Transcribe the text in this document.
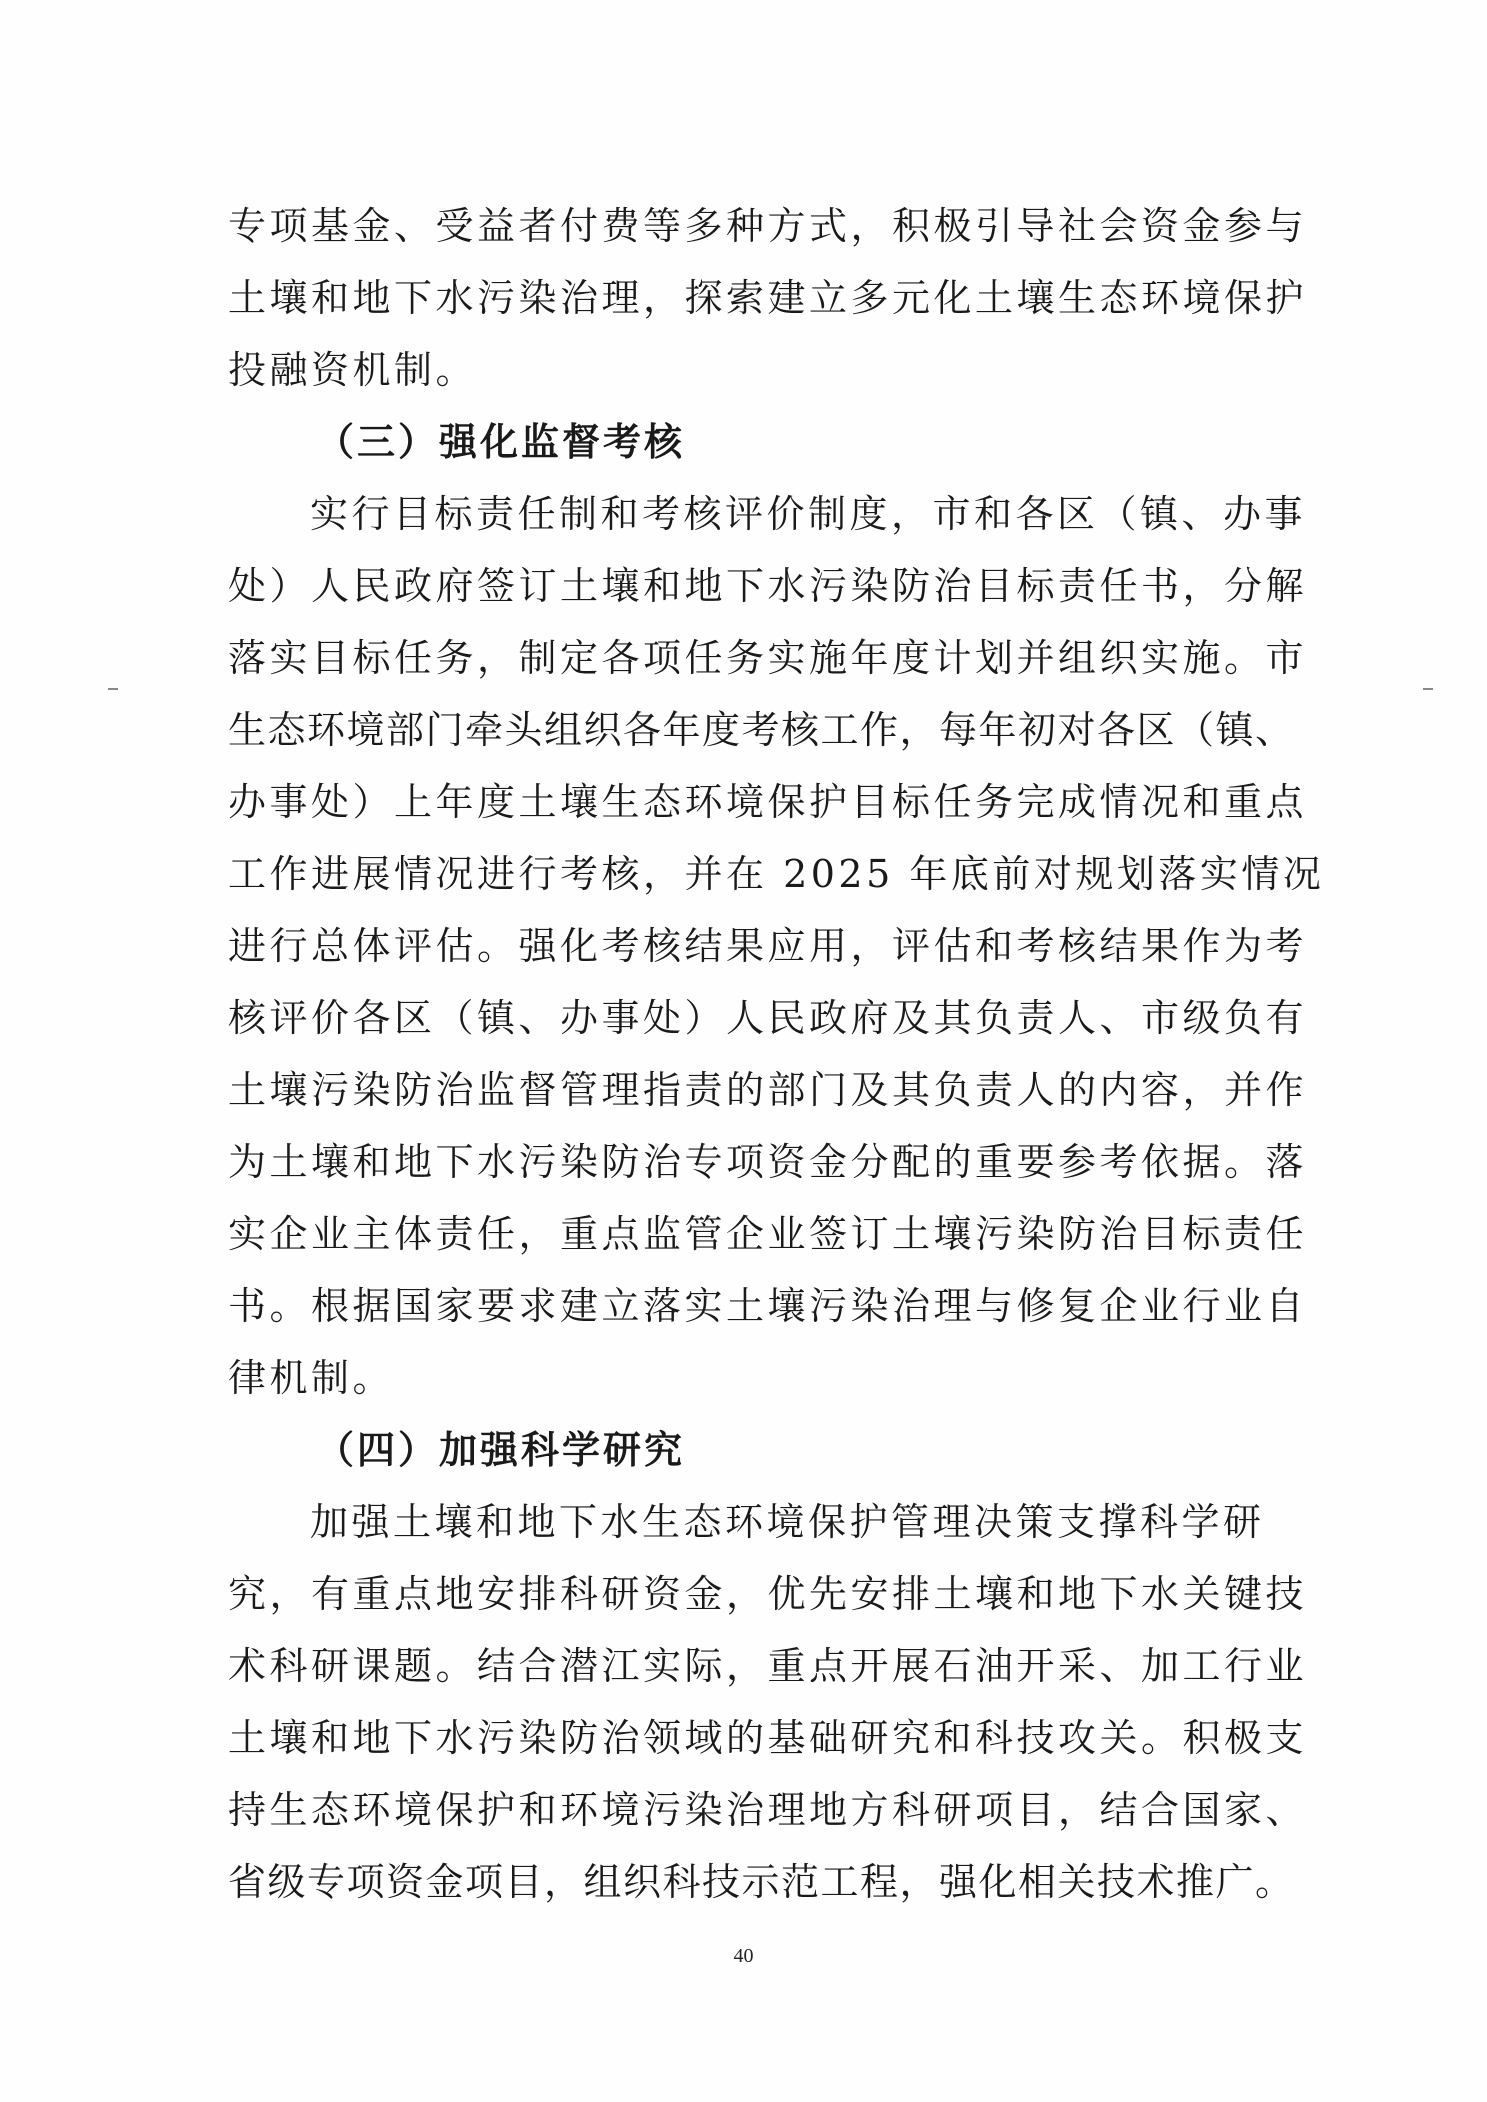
专项基金、受益者付费等多种方式，积极引导社会资金参与
土壤和地下水污染治理，探索建立多元化土壤生态环境保护
投融资机制。
（三）强化监督考核
实行目标责任制和考核评价制度，市和各区（镇、办事
处）人民政府签订土壤和地下水污染防治目标责任书，分解
落实目标任务，制定各项任务实施年度计划并组织实施。市
生态环境部门牵头组织各年度考核工作，每年初对各区（镇、
办事处）上年度土壤生态环境保护目标任务完成情况和重点
工作进展情况进行考核，并在 2025 年底前对规划落实情况
进行总体评估。强化考核结果应用，评估和考核结果作为考
核评价各区（镇、办事处）人民政府及其负责人、市级负有
土壤污染防治监督管理指责的部门及其负责人的内容，并作
为土壤和地下水污染防治专项资金分配的重要参考依据。落
实企业主体责任，重点监管企业签订土壤污染防治目标责任
书。根据国家要求建立落实土壤污染治理与修复企业行业自
律机制。
（四）加强科学研究
加强土壤和地下水生态环境保护管理决策支撑科学研
究，有重点地安排科研资金，优先安排土壤和地下水关键技
术科研课题。结合潜江实际，重点开展石油开采、加工行业
土壤和地下水污染防治领域的基础研究和科技攻关。积极支
持生态环境保护和环境污染治理地方科研项目，结合国家、
省级专项资金项目，组织科技示范工程，强化相关技术推广。
40
